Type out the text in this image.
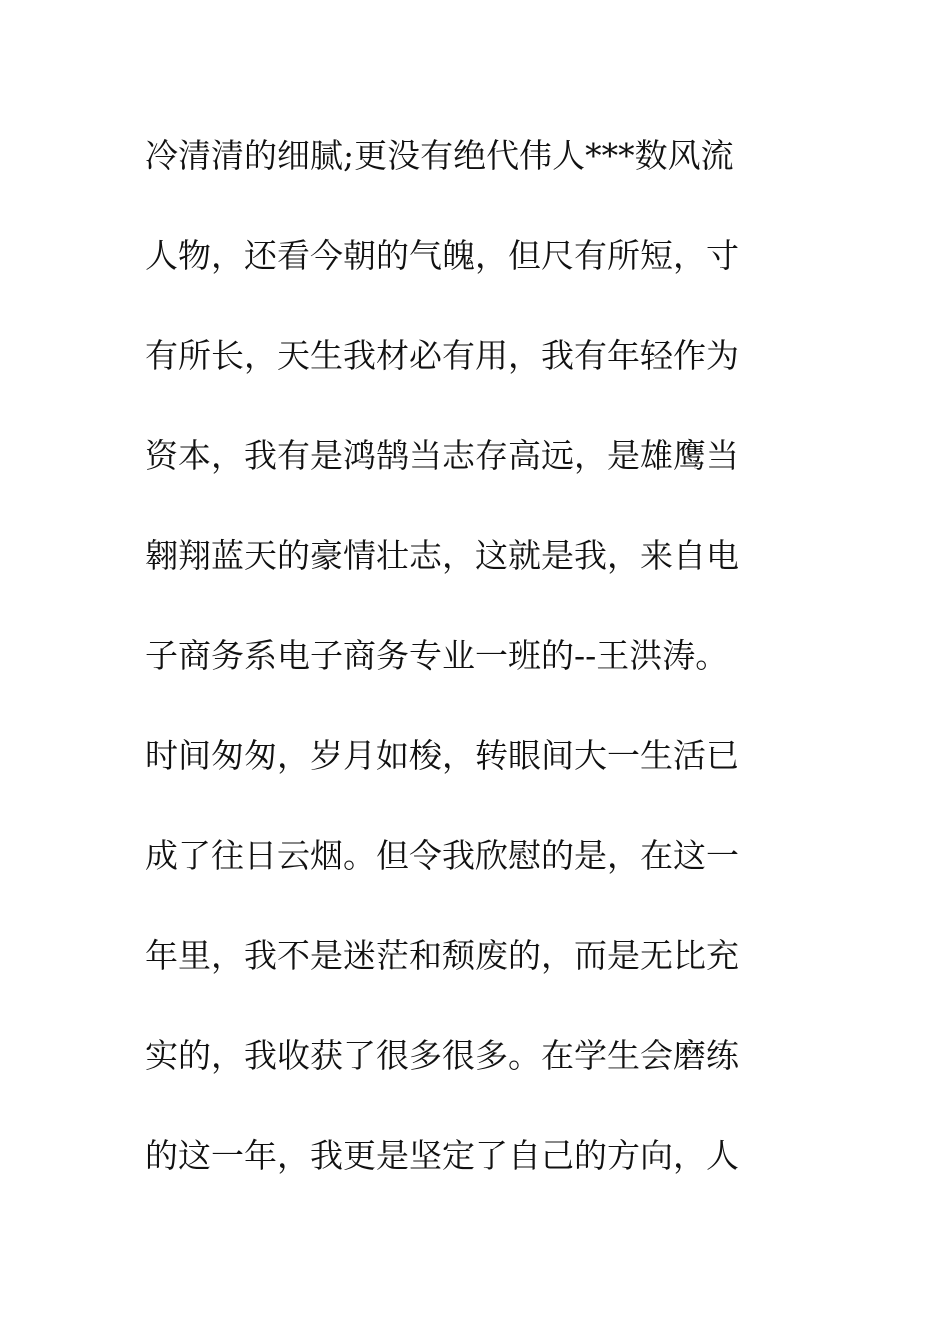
冷清清的细腻;更没有绝代伟人***数风流
人物，还看今朝的气魄，但尺有所短，寸
有所长，天生我材必有用，我有年轻作为
资本，我有是鸿鹄当志存高远，是雄鹰当
翱翔蓝天的豪情壮志，这就是我，来自电
子商务系电子商务专业一班的--王洪涛。
时间匆匆，岁月如梭，转眼间大一生活已
成了往日云烟。但令我欣慰的是，在这一
年里，我不是迷茫和颓废的，而是无比充
实的，我收获了很多很多。在学生会磨练
的这一年，我更是坚定了自己的方向，人
